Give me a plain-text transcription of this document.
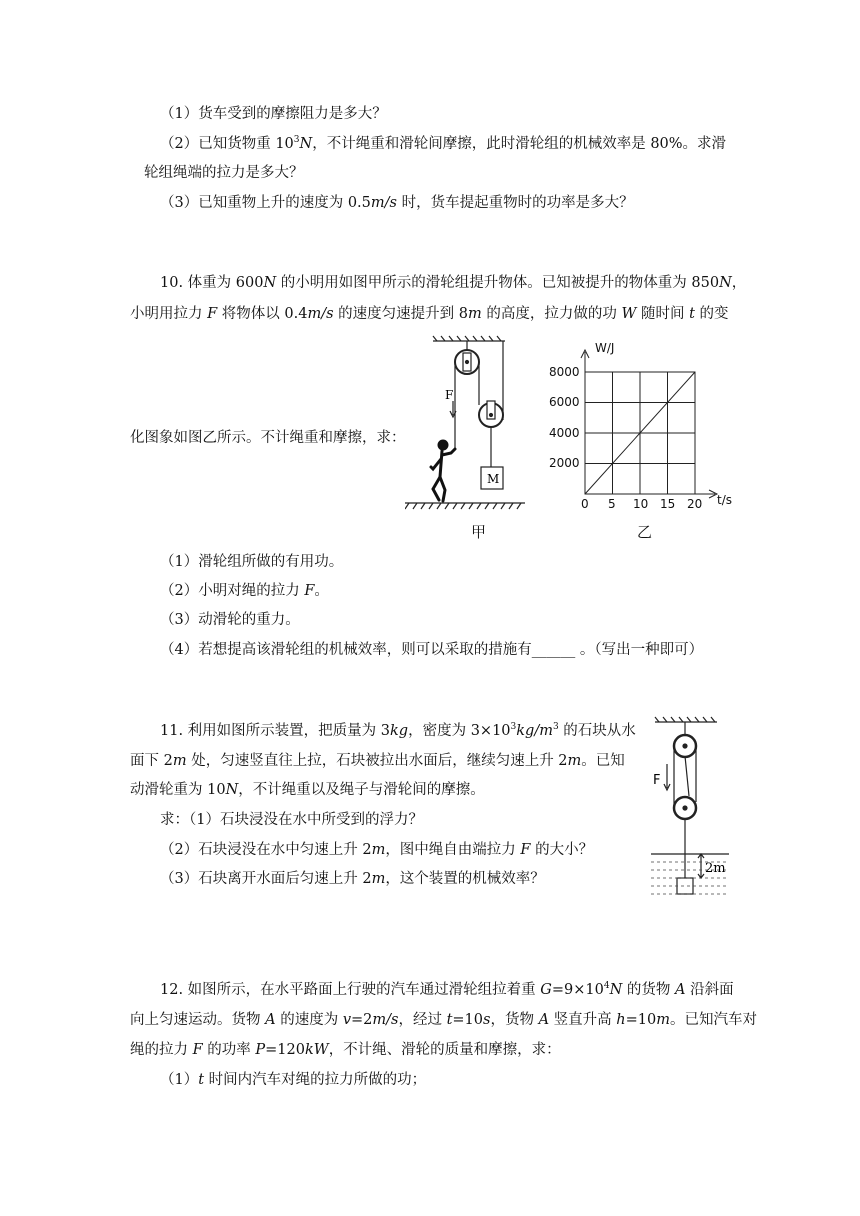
（1）货车受到的摩擦阻力是多大？
（2）已知货物重 $10^3N$，不计绳重和滑轮间摩擦，此时滑轮组的机械效率是 80%。求滑
轮组绳端的拉力是多大？
（3）已知重物上升的速度为 0.5m/s 时，货车提起重物时的功率是多大？
10. 体重为 600N 的小明用如图甲所示的滑轮组提升物体。已知被提升的物体重为 850N，
小明用拉力 F 将物体以 0.4m/s 的速度匀速提升到 8m 的高度，拉力做的功 W 随时间 t 的变
化图象如图乙所示。不计绳重和摩擦，求：
F
M
甲
W/J
t/s
8000
6000
4000
2000
0 5 10 15 20
乙
（1）滑轮组所做的有用功。
（2）小明对绳的拉力 F。
（3）动滑轮的重力。
（4）若想提高该滑轮组的机械效率，则可以采取的措施有______ 。（写出一种即可）
11. 利用如图所示装置，把质量为 3kg，密度为 $3\times 10^3kg/m^3$ 的石块从水
面下 2m 处，匀速竖直往上拉，石块被拉出水面后，继续匀速上升 2m。已知
动滑轮重为 10N，不计绳重以及绳子与滑轮间的摩擦。
求：（1）石块浸没在水中所受到的浮力？
（2）石块浸没在水中匀速上升 2m，图中绳自由端拉力 F 的大小？
（3）石块离开水面后匀速上升 2m，这个装置的机械效率？
F
2m
12. 如图所示，在水平路面上行驶的汽车通过滑轮组拉着重 $G=9\times 10^4N$ 的货物 A 沿斜面
向上匀速运动。货物 A 的速度为 v=2m/s，经过 t=10s，货物 A 竖直升高 h=10m。已知汽车对
绳的拉力 F 的功率 P=120kW，不计绳、滑轮的质量和摩擦，求：
（1）t 时间内汽车对绳的拉力所做的功；
